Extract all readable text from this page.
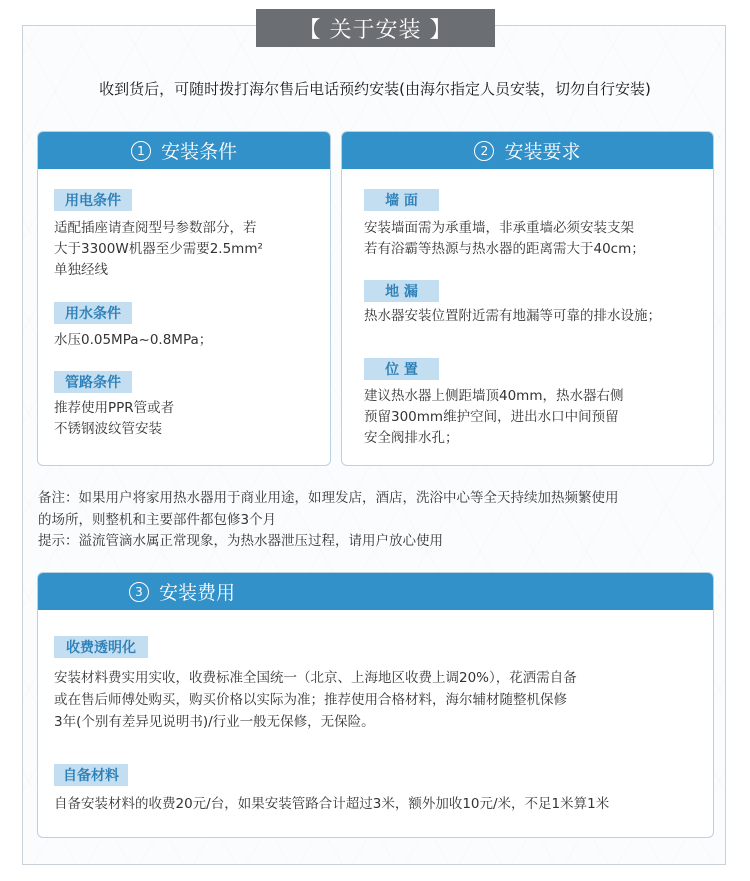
【 关于安装 】
收到货后，可随时拨打海尔售后电话预约安装(由海尔指定人员安装，切勿自行安装)
1 安装条件
用电条件
适配插座请查阅型号参数部分，若
大于3300W机器至少需要2.5mm²
单独经线
用水条件
水压0.05MPa~0.8MPa；
管路条件
推荐使用PPR管或者
不锈钢波纹管安装
2 安装要求
墙 面
安装墙面需为承重墙，非承重墙必须安装支架
若有浴霸等热源与热水器的距离需大于40cm；
地 漏
热水器安装位置附近需有地漏等可靠的排水设施；
位 置
建议热水器上侧距墙顶40mm，热水器右侧
预留300mm维护空间，进出水口中间预留
安全阀排水孔；
备注：如果用户将家用热水器用于商业用途，如理发店，酒店，洗浴中心等全天持续加热频繁使用
的场所，则整机和主要部件都包修3个月
提示：溢流管滴水属正常现象，为热水器泄压过程，请用户放心使用
3 安装费用
收费透明化
安装材料费实用实收，收费标准全国统一（北京、上海地区收费上调20%），花洒需自备
或在售后师傅处购买，购买价格以实际为准；推荐使用合格材料，海尔辅材随整机保修
3年(个别有差异见说明书)/行业一般无保修，无保险。
自备材料
自备安装材料的收费20元/台，如果安装管路合计超过3米，额外加收10元/米，不足1米算1米
